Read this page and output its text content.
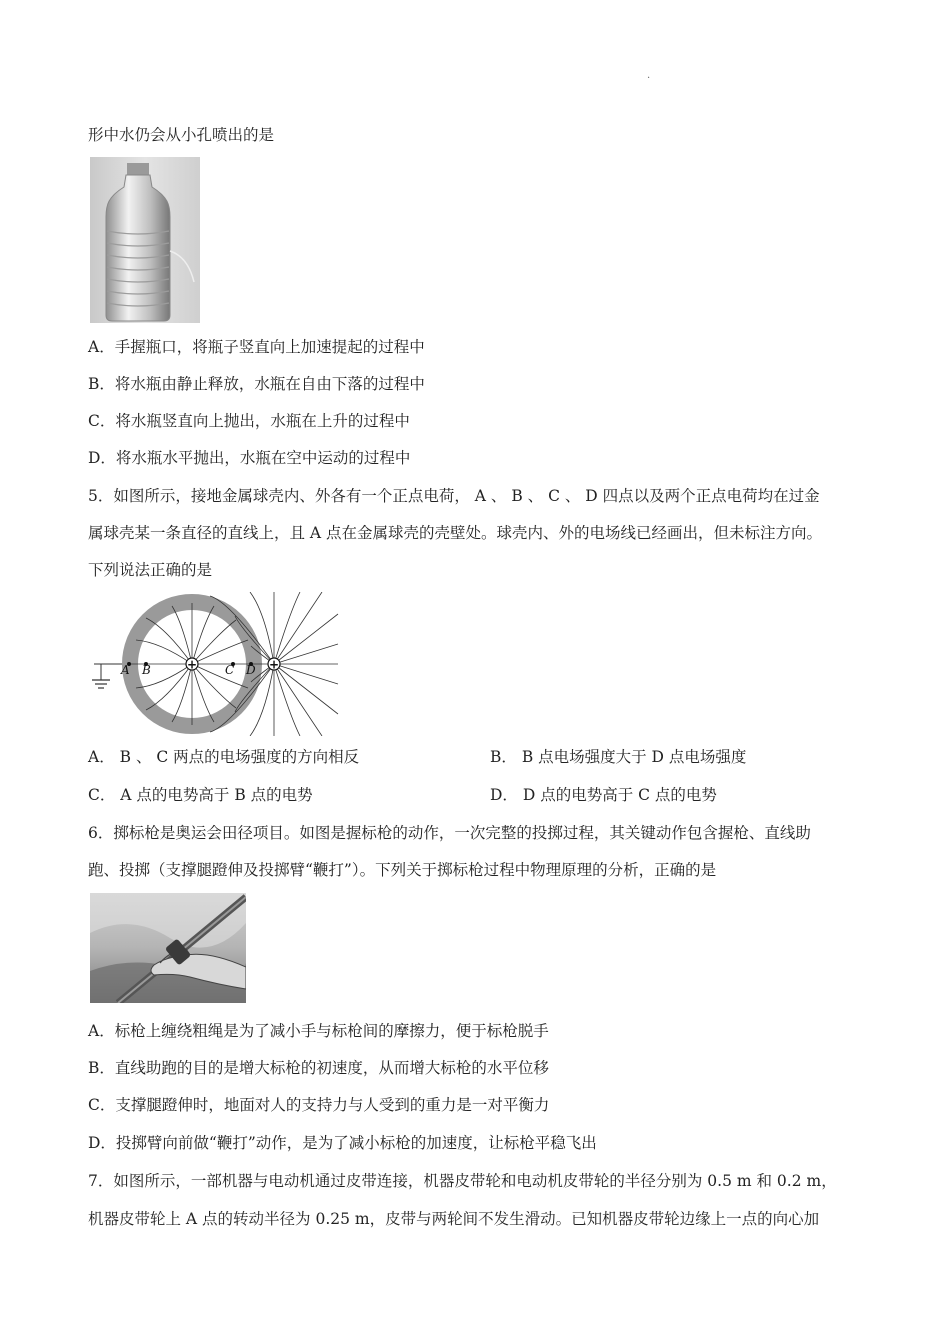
.
形中水仍会从小孔喷出的是
A．手握瓶口，将瓶子竖直向上加速提起的过程中
B．将水瓶由静止释放，水瓶在自由下落的过程中
C．将水瓶竖直向上抛出，水瓶在上升的过程中
D．将水瓶水平抛出，水瓶在空中运动的过程中
5．如图所示，接地金属球壳内、外各有一个正点电荷， A 、 B 、 C 、 D 四点以及两个正点电荷均在过金
属球壳某一条直径的直线上，且 A 点在金属球壳的壳壁处。球壳内、外的电场线已经画出，但未标注方向。
下列说法正确的是
+	+
A B	C D
A． B 、 C 两点的电场强度的方向相反	B． B 点电场强度大于 D 点电场强度
C． A 点的电势高于 B 点的电势	D． D 点的电势高于 C 点的电势
6．掷标枪是奥运会田径项目。如图是握标枪的动作，一次完整的投掷过程，其关键动作包含握枪、直线助
跑、投掷（支撑腿蹬伸及投掷臂“鞭打”）。下列关于掷标枪过程中物理原理的分析，正确的是
A．标枪上缠绕粗绳是为了减小手与标枪间的摩擦力，便于标枪脱手
B．直线助跑的目的是增大标枪的初速度，从而增大标枪的水平位移
C．支撑腿蹬伸时，地面对人的支持力与人受到的重力是一对平衡力
D．投掷臂向前做“鞭打”动作，是为了减小标枪的加速度，让标枪平稳飞出
7．如图所示，一部机器与电动机通过皮带连接，机器皮带轮和电动机皮带轮的半径分别为 0.5 m 和 0.2 m，
机器皮带轮上 A 点的转动半径为 0.25 m，皮带与两轮间不发生滑动。已知机器皮带轮边缘上一点的向心加
